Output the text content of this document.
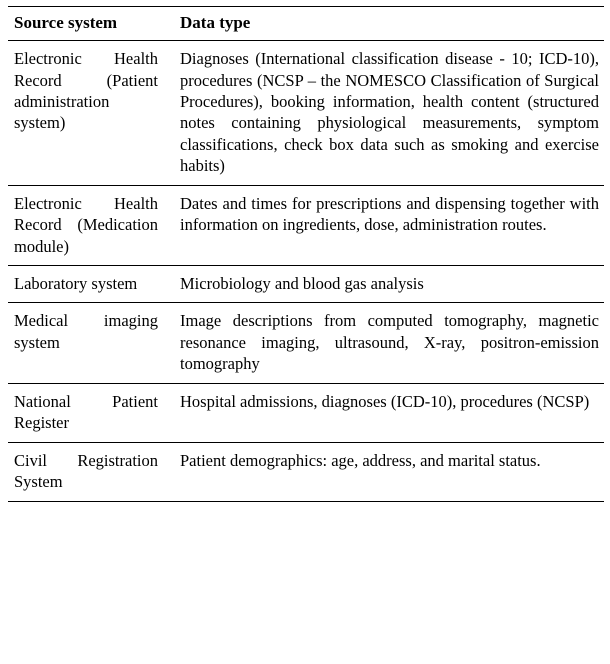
Source system	Data type
Electronic Health Record (Patient administration system)	Diagnoses (International classification disease - 10; ICD-10), procedures (NCSP – the NOMESCO Classification of Surgical Procedures), booking information, health content (structured notes containing physiological measurements, symptom classifications, check box data such as smoking and exercise habits)
Electronic Health Record (Medication module)	Dates and times for prescriptions and dispensing together with information on ingredients, dose, administration routes.
Laboratory system	Microbiology and blood gas analysis
Medical imaging system	Image descriptions from computed tomography, magnetic resonance imaging, ultrasound, X-ray, positron-emission tomography
National Patient Register	Hospital admissions, diagnoses (ICD-10), procedures (NCSP)
Civil Registration System	Patient demographics: age, address, and marital status.
